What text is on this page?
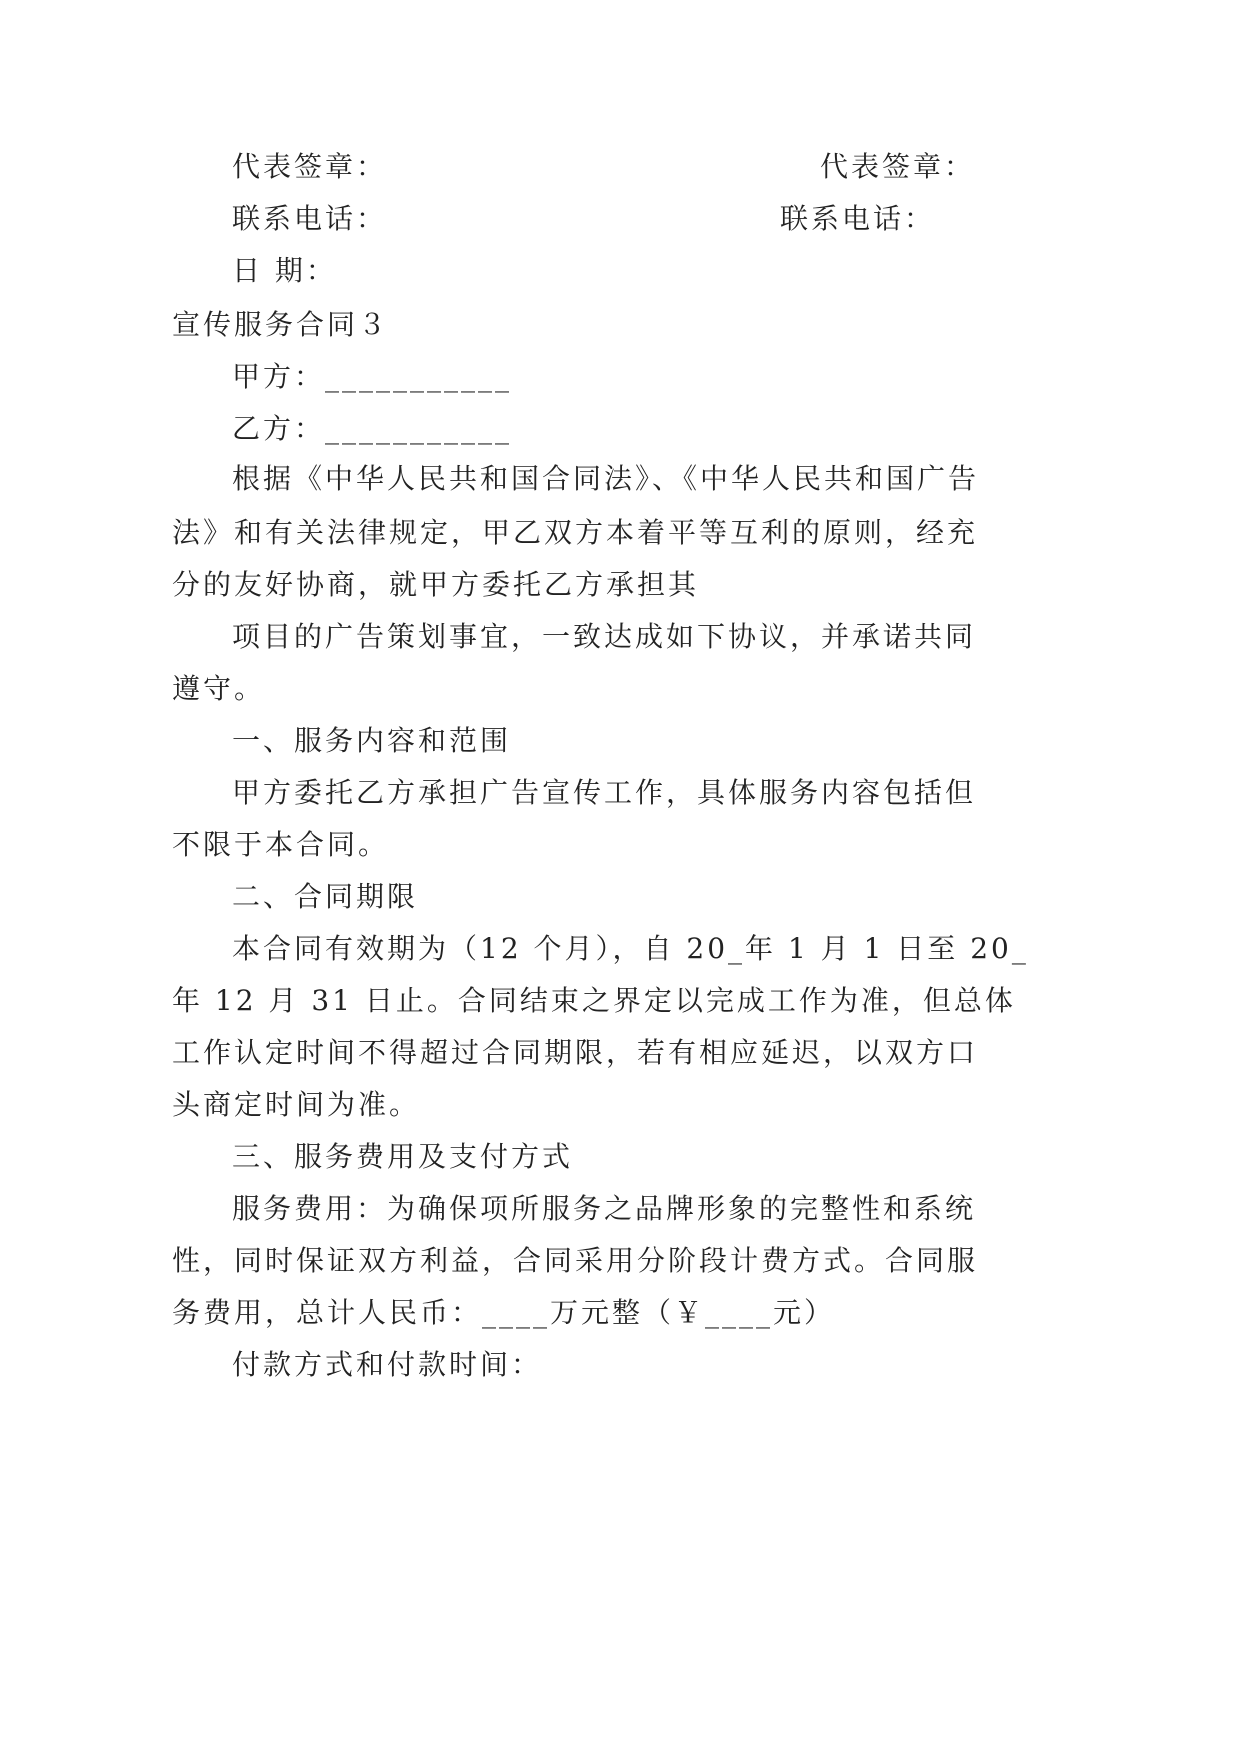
代表签章：	代表签章：
联系电话：	联系电话：
日 期：
宣传服务合同３
甲方：___________
乙方：___________
根据《中华人民共和国合同法》、《中华人民共和国广告
法》和有关法律规定，甲乙双方本着平等互利的原则，经充
分的友好协商，就甲方委托乙方承担其
项目的广告策划事宜，一致达成如下协议，并承诺共同
遵守。
一、服务内容和范围
甲方委托乙方承担广告宣传工作，具体服务内容包括但
不限于本合同。
二、合同期限
本合同有效期为（12 个月），自 20_年 1 月 1 日至 20_
年 12 月 31 日止。合同结束之界定以完成工作为准，但总体
工作认定时间不得超过合同期限，若有相应延迟，以双方口
头商定时间为准。
三、服务费用及支付方式
服务费用：为确保项所服务之品牌形象的完整性和系统
性，同时保证双方利益，合同采用分阶段计费方式。合同服
务费用，总计人民币：____万元整（￥____元）
付款方式和付款时间：
